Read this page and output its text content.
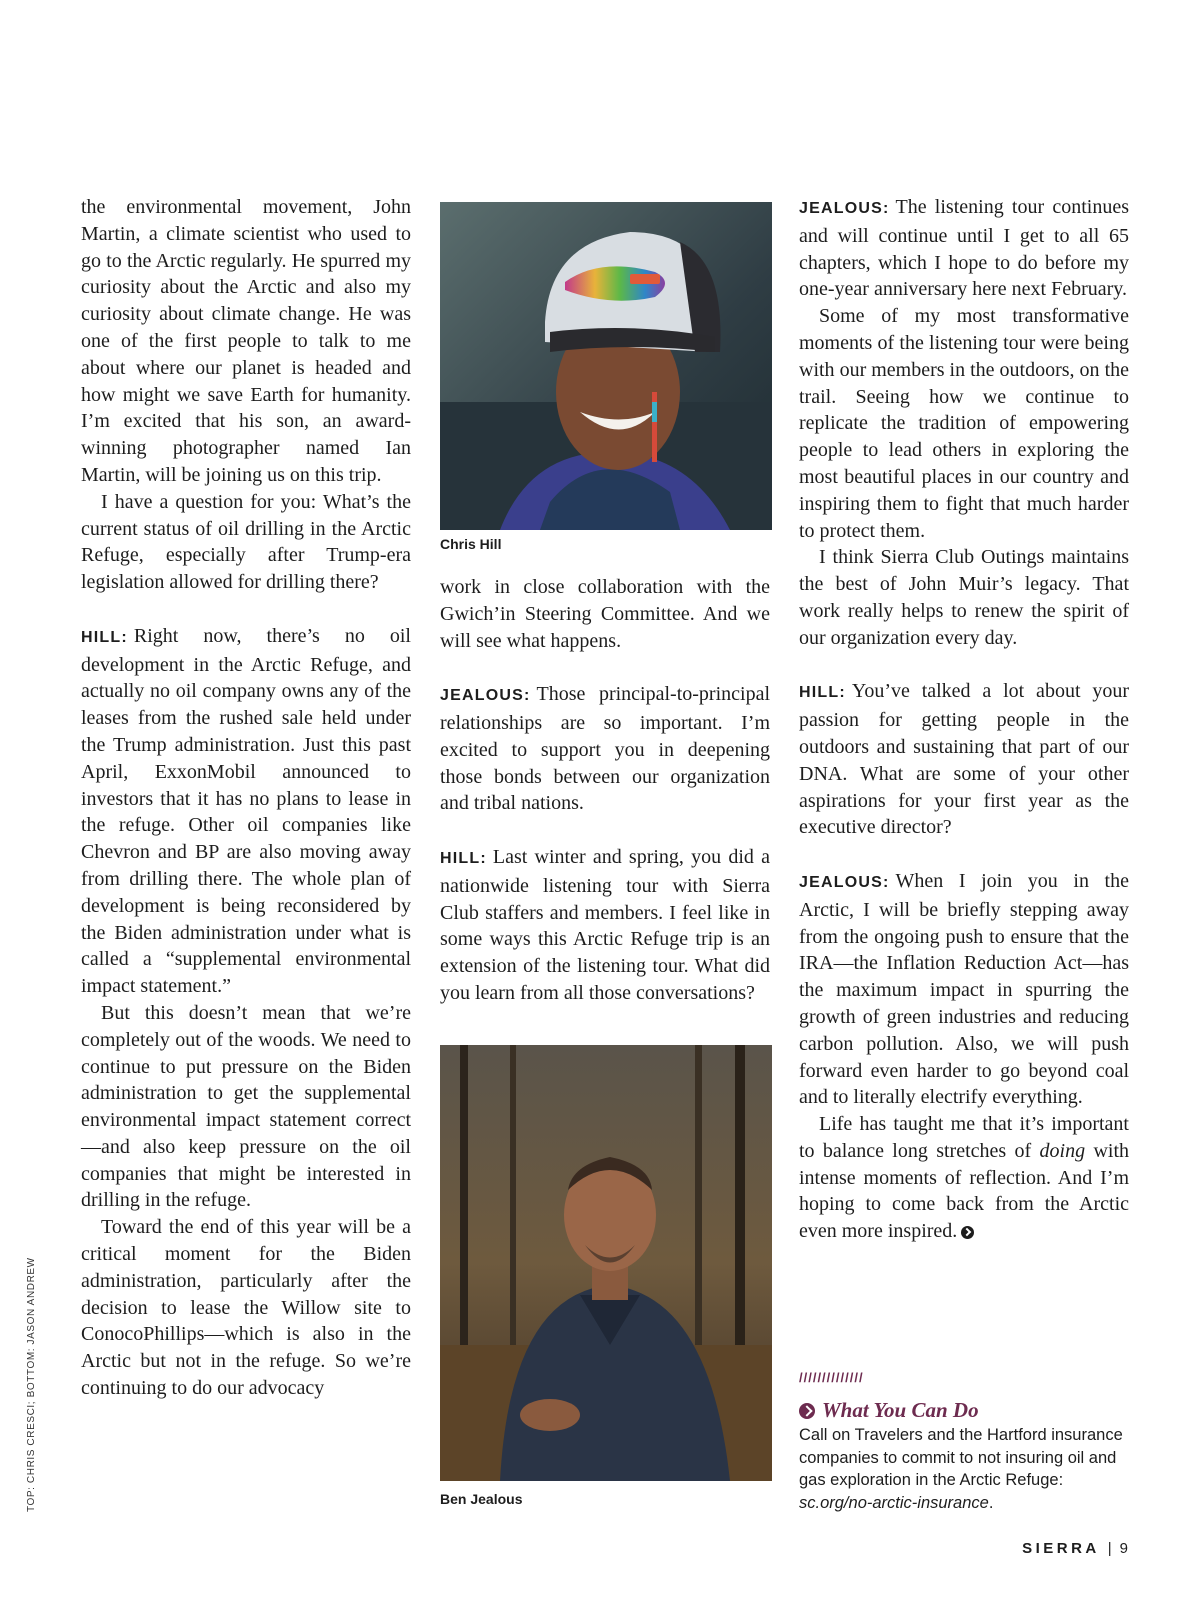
the environmental movement, John Martin, a climate scientist who used to go to the Arctic regularly. He spurred my curiosity about the Arctic and also my curiosity about climate change. He was one of the first people to talk to me about where our planet is headed and how might we save Earth for humanity. I’m excited that his son, an award-winning photographer named Ian Martin, will be joining us on this trip.

I have a question for you: What’s the current status of oil drilling in the Arctic Refuge, especially after Trump-era legislation allowed for drilling there?

HILL: Right now, there’s no oil development in the Arctic Refuge, and actually no oil company owns any of the leases from the rushed sale held under the Trump administration. Just this past April, ExxonMobil announced to investors that it has no plans to lease in the refuge. Other oil companies like Chevron and BP are also moving away from drilling there. The whole plan of development is being reconsidered by the Biden administration under what is called a “supplemental environmental impact statement.”

But this doesn’t mean that we’re completely out of the woods. We need to continue to put pressure on the Biden administration to get the supplemental environmental impact statement correct—and also keep pressure on the oil companies that might be interested in drilling in the refuge.

Toward the end of this year will be a critical moment for the Biden administration, particularly after the decision to lease the Willow site to ConocoPhillips—which is also in the Arctic but not in the refuge. So we’re continuing to do our advocacy

Chris Hill

work in close collaboration with the Gwich’in Steering Committee. And we will see what happens.

JEALOUS: Those principal-to-principal relationships are so important. I’m excited to support you in deepening those bonds between our organization and tribal nations.

HILL: Last winter and spring, you did a nationwide listening tour with Sierra Club staffers and members. I feel like in some ways this Arctic Refuge trip is an extension of the listening tour. What did you learn from all those conversations?

Ben Jealous

JEALOUS: The listening tour continues and will continue until I get to all 65 chapters, which I hope to do before my one-year anniversary here next February.

Some of my most transformative moments of the listening tour were being with our members in the outdoors, on the trail. Seeing how we continue to replicate the tradition of empowering people to lead others in exploring the most beautiful places in our country and inspiring them to fight that much harder to protect them.

I think Sierra Club Outings maintains the best of John Muir’s legacy. That work really helps to renew the spirit of our organization every day.

HILL: You’ve talked a lot about your passion for getting people in the outdoors and sustaining that part of our DNA. What are some of your other aspirations for your first year as the executive director?

JEALOUS: When I join you in the Arctic, I will be briefly stepping away from the ongoing push to ensure that the IRA—the Inflation Reduction Act—has the maximum impact in spurring the growth of green industries and reducing carbon pollution. Also, we will push forward even harder to go beyond coal and to literally electrify everything.

Life has taught me that it’s important to balance long stretches of doing with intense moments of reflection. And I’m hoping to come back from the Arctic even more inspired.

//////////////
What You Can Do
Call on Travelers and the Hartford insurance companies to commit to not insuring oil and gas exploration in the Arctic Refuge: sc.org/no-arctic-insurance.
TOP: CHRIS CRESCI; BOTTOM: JASON ANDREW
SIERRA | 9
